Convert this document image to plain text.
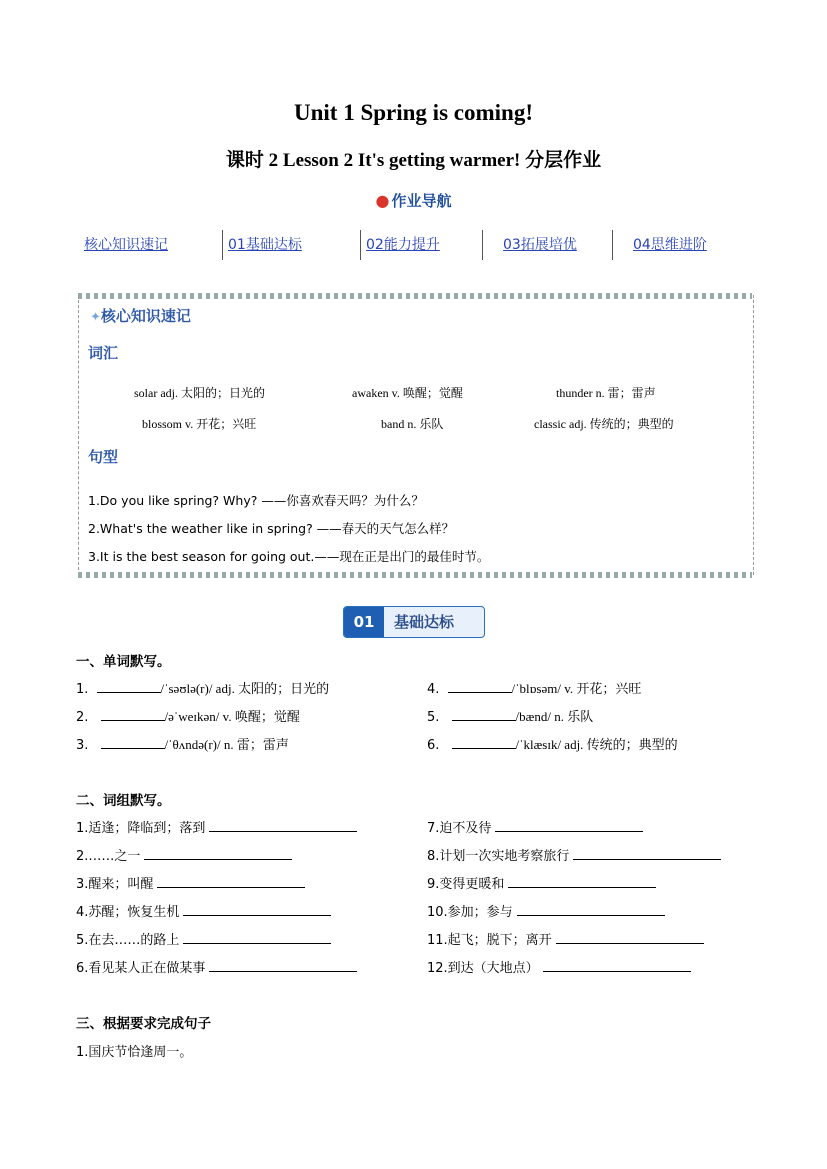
Unit 1 Spring is coming!
课时 2 Lesson 2 It's getting warmer! 分层作业
● 作业导航
核心知识速记	01基础达标	02能力提升	03拓展培优	04思维进阶
✦核心知识速记
词汇
solar adj. 太阳的；日光的	awaken v. 唤醒；觉醒	thunder n. 雷；雷声
blossom v. 开花；兴旺	band n. 乐队	classic adj. 传统的；典型的
句型
1.Do you like spring? Why? ——你喜欢春天吗？为什么？
2.What's the weather like in spring? ——春天的天气怎么样？
3.It is the best season for going out.——现在正是出门的最佳时节。
01	基础达标
一、单词默写。
1.	/ˈsəʊlə(r)/ adj. 太阳的；日光的
2.	/əˈweɪkən/ v. 唤醒；觉醒
3.	/ˈθʌndə(r)/ n. 雷；雷声
4.	/ˈblɒsəm/ v. 开花；兴旺
5.	/bænd/ n. 乐队
6.	/ˈklæsɪk/ adj. 传统的；典型的
二、词组默写。
1.适逢；降临到；落到
2.……之一
3.醒来；叫醒
4.苏醒；恢复生机
5.在去……的路上
6.看见某人正在做某事
7.迫不及待
8.计划一次实地考察旅行
9.变得更暖和
10.参加；参与
11.起飞；脱下；离开
12.到达（大地点）
三、根据要求完成句子
1.国庆节恰逢周一。
